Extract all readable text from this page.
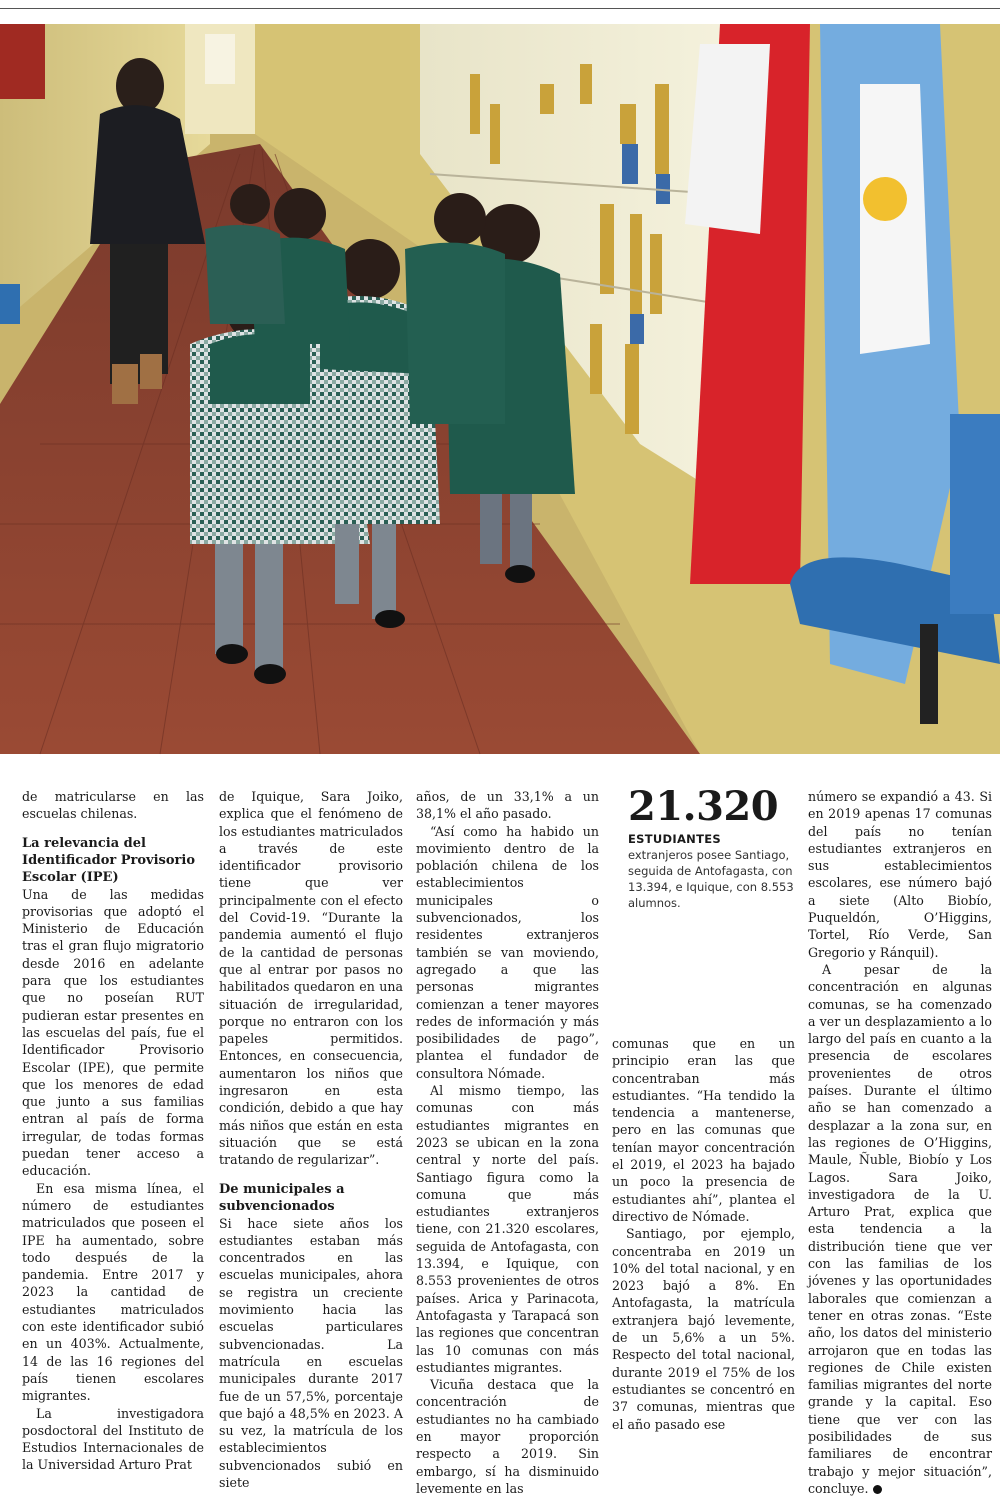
de matricularse en las escuelas chilenas.

La relevancia del Identificador Provisorio Escolar (IPE)

Una de las medidas provisorias que adoptó el Ministerio de Educación tras el gran flujo migratorio desde 2016 en adelante para que los estudiantes que no poseían RUT pudieran estar presentes en las escuelas del país, fue el Identificador Provisorio Escolar (IPE), que permite que los menores de edad que junto a sus familias entran al país de forma irregular, de todas formas puedan tener acceso a educación.

En esa misma línea, el número de estudiantes matriculados que poseen el IPE ha aumentado, sobre todo después de la pandemia. Entre 2017 y 2023 la cantidad de estudiantes matriculados con este identificador subió en un 403%. Actualmente, 14 de las 16 regiones del país tienen escolares migrantes.

La investigadora posdoctoral del Instituto de Estudios Internacionales de la Universidad Arturo Prat

de Iquique, Sara Joiko, explica que el fenómeno de los estudiantes matriculados a través de este identificador provisorio tiene que ver principalmente con el efecto del Covid-19. “Durante la pandemia aumentó el flujo de la cantidad de personas que al entrar por pasos no habilitados quedaron en una situación de irregularidad, porque no entraron con los papeles permitidos. Entonces, en consecuencia, aumentaron los niños que ingresaron en esta condición, debido a que hay más niños que están en esta situación que se está tratando de regularizar”.

De municipales a subvencionados

Si hace siete años los estudiantes estaban más concentrados en las escuelas municipales, ahora se registra un creciente movimiento hacia las escuelas particulares subvencionadas. La matrícula en escuelas municipales durante 2017 fue de un 57,5%, porcentaje que bajó a 48,5% en 2023. A su vez, la matrícula de los establecimientos subvencionados subió en siete

años, de un 33,1% a un 38,1% el año pasado.

“Así como ha habido un movimiento dentro de la población chilena de los establecimientos municipales o subvencionados, los residentes extranjeros también se van moviendo, agregado a que las personas migrantes comienzan a tener mayores redes de información y más posibilidades de pago”, plantea el fundador de consultora Nómade.

Al mismo tiempo, las comunas con más estudiantes migrantes en 2023 se ubican en la zona central y norte del país. Santiago figura como la comuna que más estudiantes extranjeros tiene, con 21.320 escolares, seguida de Antofagasta, con 13.394, e Iquique, con 8.553 provenientes de otros países. Arica y Parinacota, Antofagasta y Tarapacá son las regiones que concentran las 10 comunas con más estudiantes migrantes.

Vicuña destaca que la concentración de estudiantes no ha cambiado en mayor proporción respecto a 2019. Sin embargo, sí ha disminuido levemente en las

21.320
ESTUDIANTES
extranjeros posee Santiago, seguida de Antofagasta, con 13.394, e Iquique, con 8.553 alumnos.

comunas que en un principio eran las que concentraban más estudiantes. “Ha tendido la tendencia a mantenerse, pero en las comunas que tenían mayor concentración el 2019, el 2023 ha bajado un poco la presencia de estudiantes ahí”, plantea el directivo de Nómade.

Santiago, por ejemplo, concentraba en 2019 un 10% del total nacional, y en 2023 bajó a 8%. En Antofagasta, la matrícula extranjera bajó levemente, de un 5,6% a un 5%. Respecto del total nacional, durante 2019 el 75% de los estudiantes se concentró en 37 comunas, mientras que el año pasado ese

número se expandió a 43. Si en 2019 apenas 17 comunas del país no tenían estudiantes extranjeros en sus establecimientos escolares, ese número bajó a siete (Alto Biobío, Puqueldón, O’Higgins, Tortel, Río Verde, San Gregorio y Ránquil).

A pesar de la concentración en algunas comunas, se ha comenzado a ver un desplazamiento a lo largo del país en cuanto a la presencia de escolares provenientes de otros países. Durante el último año se han comenzado a desplazar a la zona sur, en las regiones de O’Higgins, Maule, Ñuble, Biobío y Los Lagos. Sara Joiko, investigadora de la U. Arturo Prat, explica que esta tendencia a la distribución tiene que ver con las familias de los jóvenes y las oportunidades laborales que comienzan a tener en otras zonas. “Este año, los datos del ministerio arrojaron que en todas las regiones de Chile existen familias migrantes del norte grande y la capital. Eso tiene que ver con las posibilidades de sus familiares de encontrar trabajo y mejor situación”, concluye.
